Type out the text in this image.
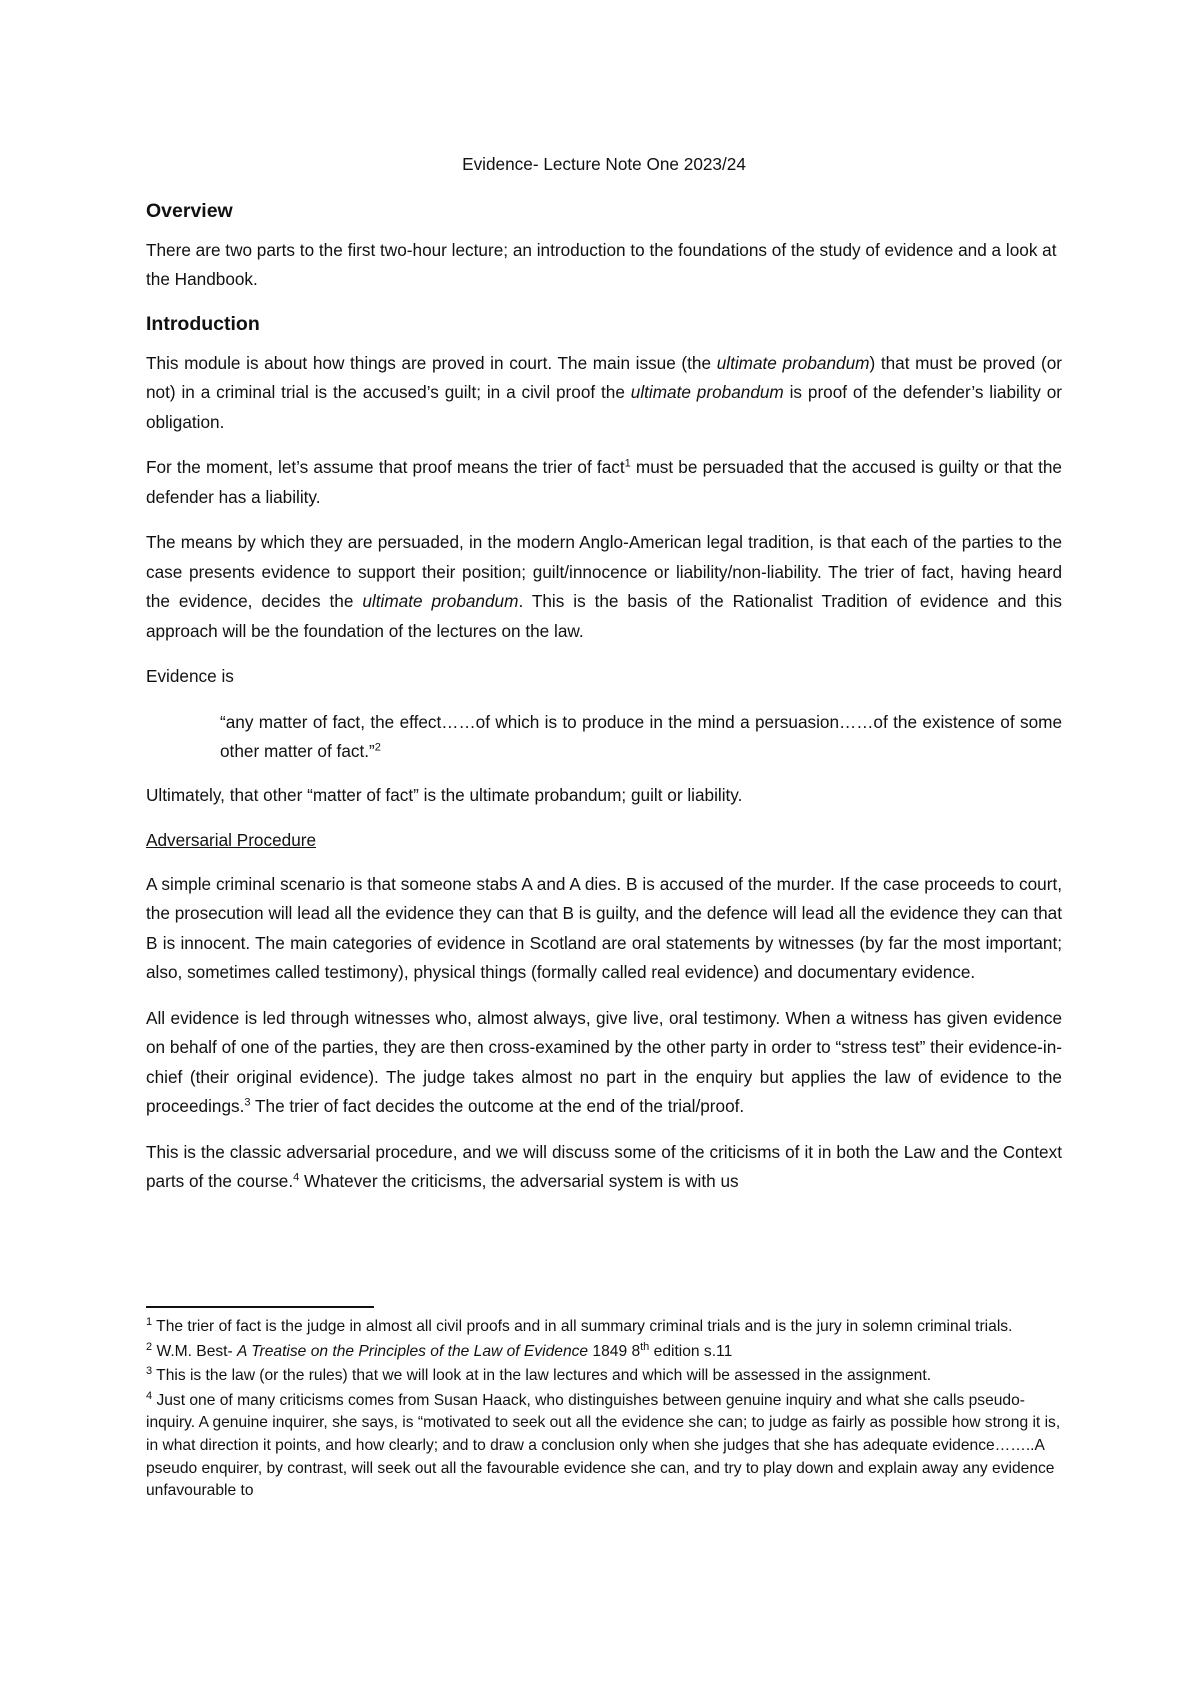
Evidence- Lecture Note One 2023/24
Overview

There are two parts to the first two-hour lecture; an introduction to the foundations of the study of evidence and a look at the Handbook.

Introduction

This module is about how things are proved in court. The main issue (the ultimate probandum) that must be proved (or not) in a criminal trial is the accused’s guilt; in a civil proof the ultimate probandum is proof of the defender’s liability or obligation.

For the moment, let’s assume that proof means the trier of fact$^1$ must be persuaded that the accused is guilty or that the defender has a liability.

The means by which they are persuaded, in the modern Anglo-American legal tradition, is that each of the parties to the case presents evidence to support their position; guilt/innocence or liability/non-liability. The trier of fact, having heard the evidence, decides the ultimate probandum. This is the basis of the Rationalist Tradition of evidence and this approach will be the foundation of the lectures on the law.

Evidence is

“any matter of fact, the effect……of which is to produce in the mind a persuasion……of the existence of some other matter of fact.”$^2$

Ultimately, that other “matter of fact” is the ultimate probandum; guilt or liability.

Adversarial Procedure

A simple criminal scenario is that someone stabs A and A dies. B is accused of the murder. If the case proceeds to court, the prosecution will lead all the evidence they can that B is guilty, and the defence will lead all the evidence they can that B is innocent. The main categories of evidence in Scotland are oral statements by witnesses (by far the most important; also, sometimes called testimony), physical things (formally called real evidence) and documentary evidence.

All evidence is led through witnesses who, almost always, give live, oral testimony. When a witness has given evidence on behalf of one of the parties, they are then cross-examined by the other party in order to “stress test” their evidence-in-chief (their original evidence). The judge takes almost no part in the enquiry but applies the law of evidence to the proceedings.$^3$ The trier of fact decides the outcome at the end of the trial/proof.

This is the classic adversarial procedure, and we will discuss some of the criticisms of it in both the Law and the Context parts of the course.$^4$ Whatever the criticisms, the adversarial system is with us

$^1$ The trier of fact is the judge in almost all civil proofs and in all summary criminal trials and is the jury in solemn criminal trials.
$^2$ W.M. Best- A Treatise on the Principles of the Law of Evidence 1849 8th edition s.11
$^3$ This is the law (or the rules) that we will look at in the law lectures and which will be assessed in the assignment.
$^4$ Just one of many criticisms comes from Susan Haack, who distinguishes between genuine inquiry and what she calls pseudo-inquiry. A genuine inquirer, she says, is “motivated to seek out all the evidence she can; to judge as fairly as possible how strong it is, in what direction it points, and how clearly; and to draw a conclusion only when she judges that she has adequate evidence……..A pseudo enquirer, by contrast, will seek out all the favourable evidence she can, and try to play down and explain away any evidence unfavourable to
